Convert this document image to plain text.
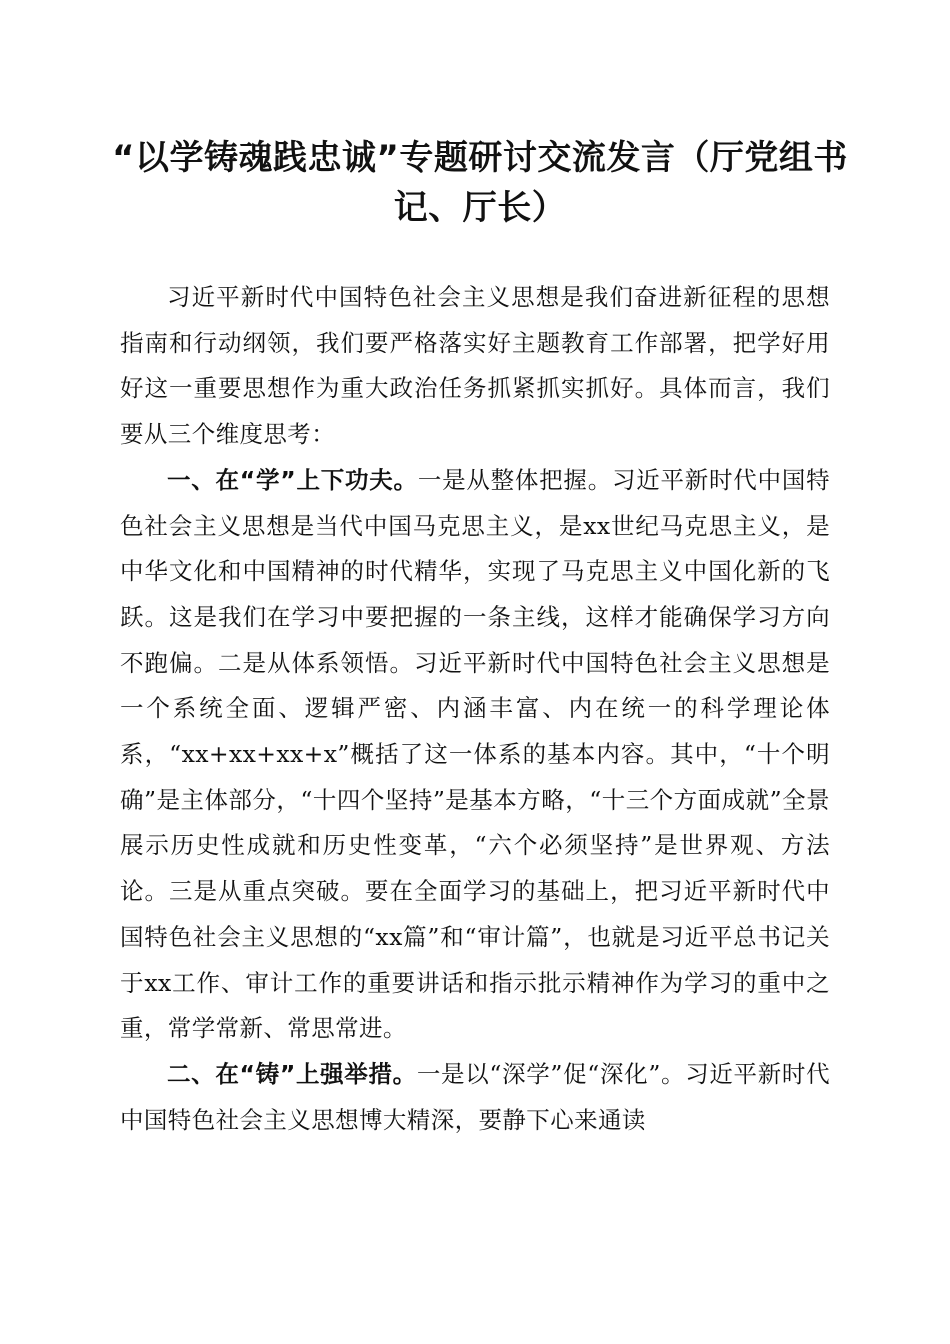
“以学铸魂践忠诚”专题研讨交流发言（厅党组书记、厅长）

习近平新时代中国特色社会主义思想是我们奋进新征程的思想指南和行动纲领，我们要严格落实好主题教育工作部署，把学好用好这一重要思想作为重大政治任务抓紧抓实抓好。具体而言，我们要从三个维度思考：

一、在“学”上下功夫。一是从整体把握。习近平新时代中国特色社会主义思想是当代中国马克思主义，是xx世纪马克思主义，是中华文化和中国精神的时代精华，实现了马克思主义中国化新的飞跃。这是我们在学习中要把握的一条主线，这样才能确保学习方向不跑偏。二是从体系领悟。习近平新时代中国特色社会主义思想是一个系统全面、逻辑严密、内涵丰富、内在统一的科学理论体系，“xx+xx+xx+x”概括了这一体系的基本内容。其中，“十个明确”是主体部分，“十四个坚持”是基本方略，“十三个方面成就”全景展示历史性成就和历史性变革，“六个必须坚持”是世界观、方法论。三是从重点突破。要在全面学习的基础上，把习近平新时代中国特色社会主义思想的“xx篇”和“审计篇”，也就是习近平总书记关于xx工作、审计工作的重要讲话和指示批示精神作为学习的重中之重，常学常新、常思常进。

二、在“铸”上强举措。一是以“深学”促“深化”。习近平新时代中国特色社会主义思想博大精深，要静下心来通读
